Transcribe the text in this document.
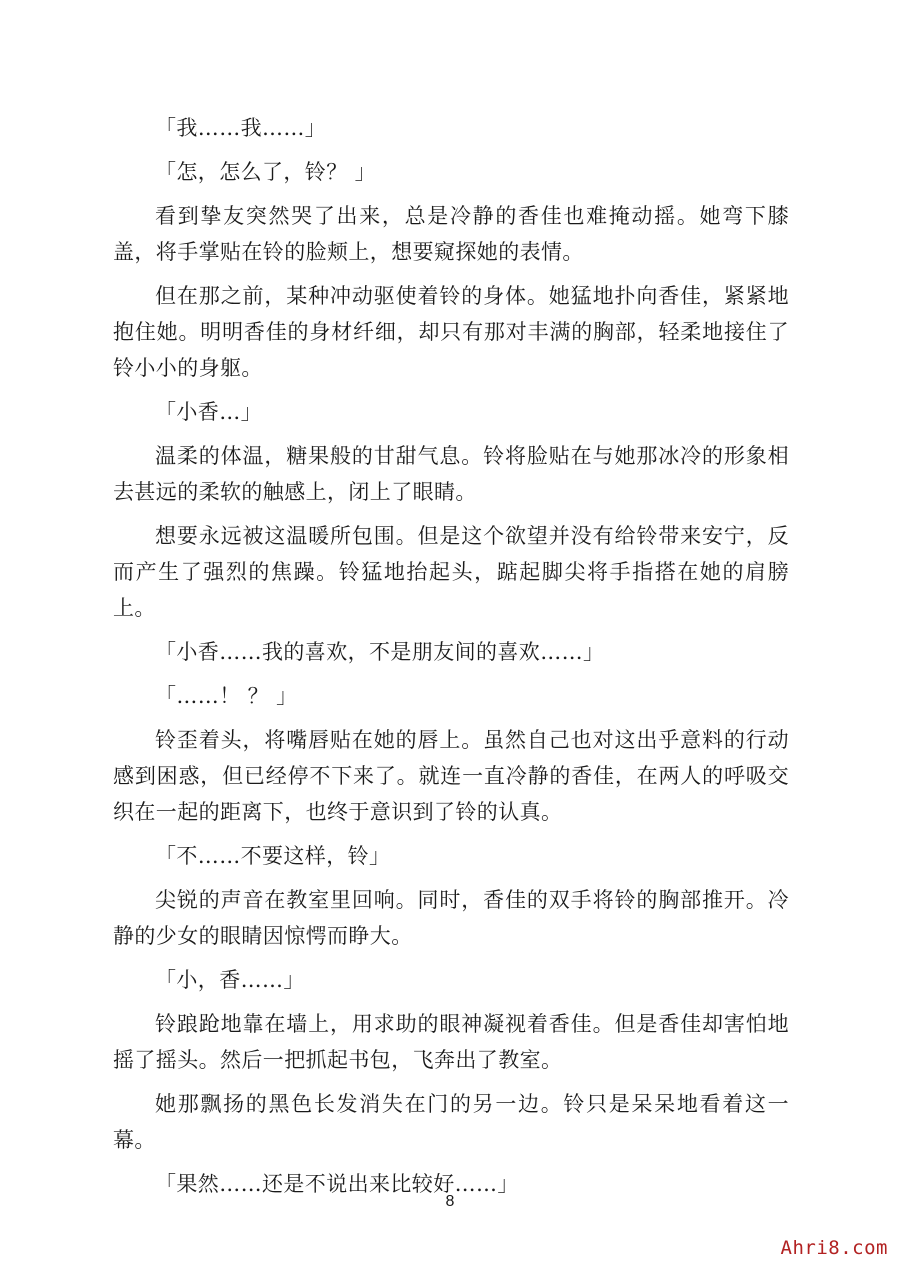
「我……我……」

「怎，怎么了，铃？ 」

看到挚友突然哭了出来，总是冷静的香佳也难掩动摇。她弯下膝盖，将手掌贴在铃的脸颊上，想要窥探她的表情。

但在那之前，某种冲动驱使着铃的身体。她猛地扑向香佳，紧紧地抱住她。明明香佳的身材纤细，却只有那对丰满的胸部，轻柔地接住了铃小小的身躯。

「小香…」

温柔的体温，糖果般的甘甜气息。铃将脸贴在与她那冰冷的形象相去甚远的柔软的触感上，闭上了眼睛。

想要永远被这温暖所包围。但是这个欲望并没有给铃带来安宁，反而产生了强烈的焦躁。铃猛地抬起头，踮起脚尖将手指搭在她的肩膀上。

「小香……我的喜欢，不是朋友间的喜欢……」

「……！ ？ 」

铃歪着头，将嘴唇贴在她的唇上。虽然自己也对这出乎意料的行动感到困惑，但已经停不下来了。就连一直冷静的香佳，在两人的呼吸交织在一起的距离下，也终于意识到了铃的认真。

「不……不要这样，铃」

尖锐的声音在教室里回响。同时，香佳的双手将铃的胸部推开。冷静的少女的眼睛因惊愕而睁大。

「小，香……」

铃踉跄地靠在墙上，用求助的眼神凝视着香佳。但是香佳却害怕地摇了摇头。然后一把抓起书包，飞奔出了教室。

她那飘扬的黑色长发消失在门的另一边。铃只是呆呆地看着这一幕。

「果然……还是不说出来比较好……」

8
Ahri8.com
